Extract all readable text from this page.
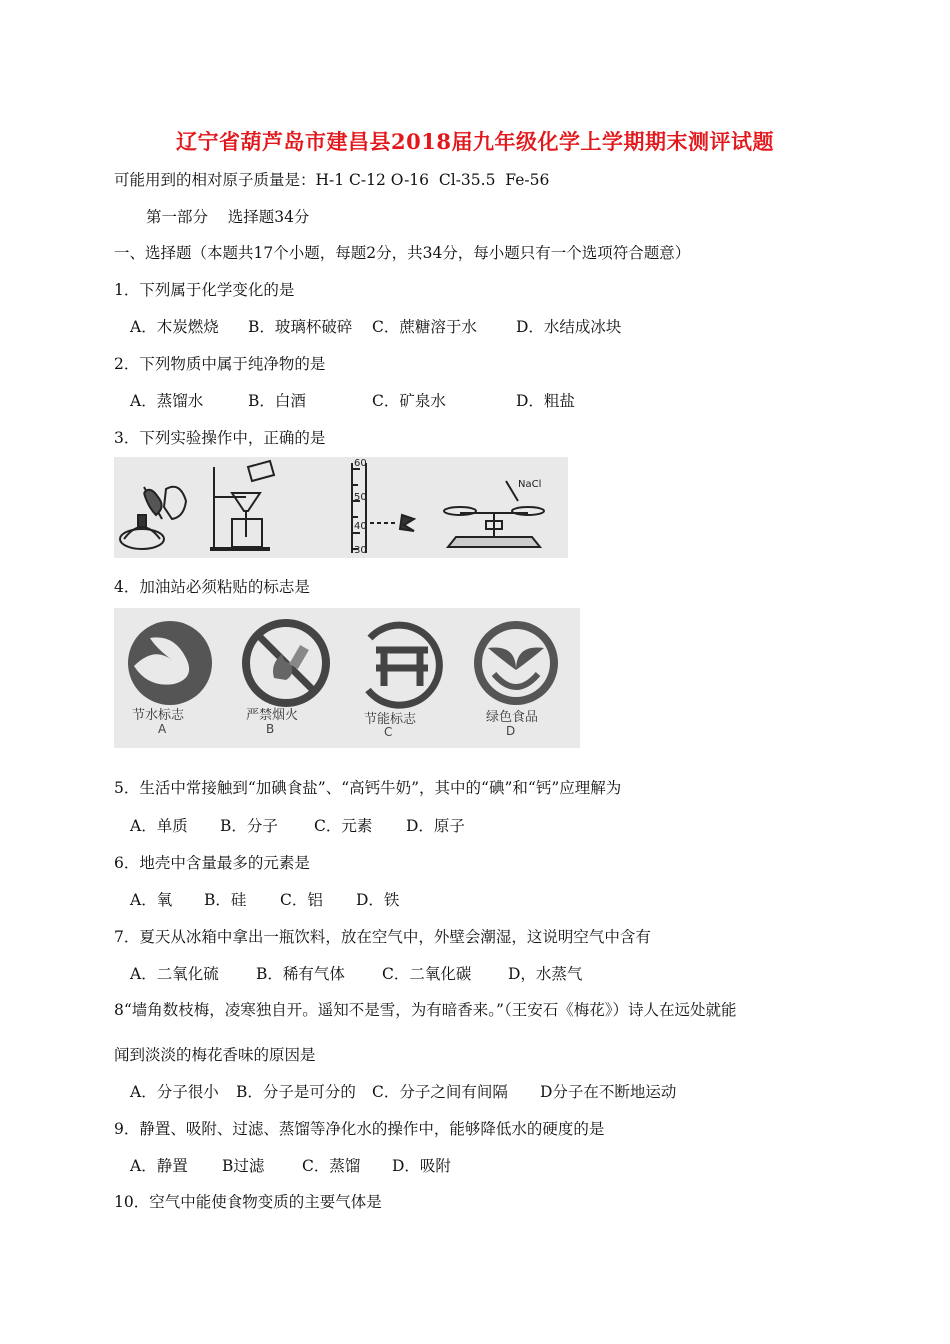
辽宁省葫芦岛市建昌县2018届九年级化学上学期期末测评试题
可能用到的相对原子质量是：H-1 C-12 O-16  Cl-35.5  Fe-56
第一部分    选择题34分
一、选择题（本题共17个小题，每题2分，共34分，每小题只有一个选项符合题意）
1．下列属于化学变化的是
A．木炭燃烧 B．玻璃杯破碎 C．蔗糖溶于水	D．水结成冰块
2．下列物质中属于纯净物的是
A．蒸馏水	B．白酒	C．矿泉水	D．粗盐
3．下列实验操作中，正确的是
60
50
40
30
NaCl
4．加油站必须粘贴的标志是
节水标志
A
严禁烟火
B
节能标志
C
绿色食品
D
5．生活中常接触到“加碘食盐”、“高钙牛奶”，其中的“碘”和“钙”应理解为
A．单质 B．分子 C．元素 D．原子
6．地壳中含量最多的元素是
A．氧 B．硅 C．铝 D．铁
7．夏天从冰箱中拿出一瓶饮料，放在空气中，外壁会潮湿，这说明空气中含有
A．二氧化硫 B．稀有气体 C．二氧化碳 D，水蒸气
8“墙角数枝梅，凌寒独自开。遥知不是雪，为有暗香来。”（王安石《梅花》）诗人在远处就能
闻到淡淡的梅花香味的原因是
A．分子很小 B．分子是可分的 C．分子之间有间隔 D分子在不断地运动
9．静置、吸附、过滤、蒸馏等净化水的操作中，能够降低水的硬度的是
A．静置 B过滤 C．蒸馏 D．吸附
10．空气中能使食物变质的主要气体是
